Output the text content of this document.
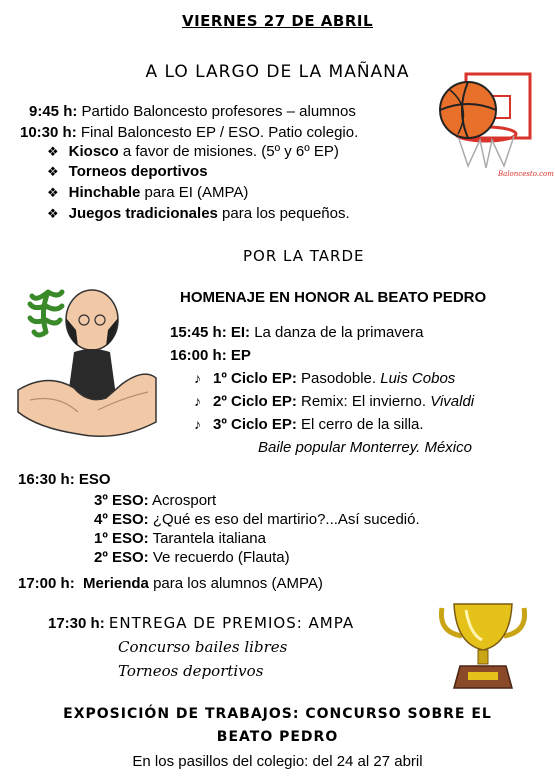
VIERNES 27 DE ABRIL
A LO LARGO DE LA MAÑANA
9:45 h: Partido Baloncesto profesores – alumnos
10:30 h: Final Baloncesto EP / ESO. Patio colegio.
❖ Kiosco a favor de misiones. (5º y 6º EP)
❖ Torneos deportivos
❖ Hinchable para EI (AMPA)
❖ Juegos tradicionales para los pequeños.
Baloncesto.com
POR LA TARDE
HOMENAJE EN HONOR AL BEATO PEDRO
15:45 h: EI: La danza de la primavera
16:00 h: EP
♪ 1º Ciclo EP: Pasodoble. Luis Cobos
♪ 2º Ciclo EP: Remix: El invierno. Vivaldi
♪ 3º Ciclo EP: El cerro de la silla.
Baile popular Monterrey. México
16:30 h: ESO
3º ESO: Acrosport
4º ESO: ¿Qué es eso del martirio?...Así sucedió.
1º ESO: Tarantela italiana
2º ESO: Ve recuerdo (Flauta)
17:00 h: Merienda para los alumnos (AMPA)
17:30 h: ENTREGA DE PREMIOS: AMPA
Concurso bailes libres
Torneos deportivos
EXPOSICIÓN DE TRABAJOS: CONCURSO SOBRE EL
BEATO PEDRO
En los pasillos del colegio: del 24 al 27 abril
